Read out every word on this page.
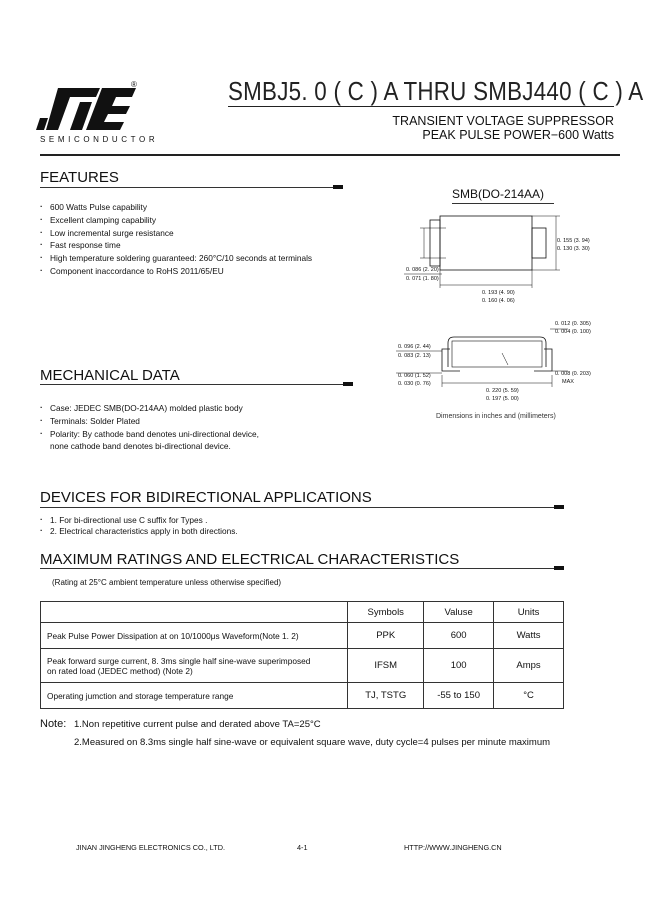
®
SEMICONDUCTOR
SMBJ5. 0 ( C ) A THRU SMBJ440 ( C ) A
TRANSIENT VOLTAGE SUPPRESSOR
PEAK PULSE POWER−600 Watts
FEATURES
· 600 Watts Pulse capability
· Excellent clamping capability
· Low incremental surge resistance
· Fast response time
· High temperature soldering guaranteed: 260°C/10 seconds at terminals
· Component inaccordance to RoHS 2011/65/EU
SMB(DO-214AA)
0. 155 (3. 94)
0. 130 (3. 30)
0. 086 (2. 20)
0. 071 (1. 80)
0. 193 (4. 90)
0. 160 (4. 06)
0. 012 (0. 305)
0. 004 (0. 100)
0. 096 (2. 44)
0. 083 (2. 13)
0. 060 (1. 52)
0. 030 (0. 76)
0. 008 (0. 203)
MAX
0. 220 (5. 59)
0. 197 (5. 00)
Dimensions in inches and (millimeters)
MECHANICAL DATA
· Case: JEDEC SMB(DO-214AA) molded plastic body
· Terminals: Solder Plated
· Polarity: By cathode band denotes uni-directional device,
none cathode band denotes bi-directional device.
DEVICES FOR BIDIRECTIONAL APPLICATIONS
· 1. For bi-directional use C suffix for Types .
· 2. Electrical characteristics apply in both directions.
MAXIMUM RATINGS AND ELECTRICAL CHARACTERISTICS
(Rating at 25°C ambient temperature unless otherwise specified)
	Symbols	Valuse	Units
Peak Pulse Power Dissipation at on 10/1000μs Waveform(Note 1. 2)	PPK	600	Watts

Peak forward surge current, 8. 3ms single half sine-wave superimposed
on rated load (JEDEC method) (Note 2)	IFSM	100	Amps
Operating jumction and storage temperature range	TJ, TSTG	-55 to 150	°C
Note: 1.Non repetitive current pulse and derated above TA=25°C
2.Measured on 8.3ms single half sine-wave or equivalent square wave, duty cycle=4 pulses per minute maximum
JINAN JINGHENG ELECTRONICS CO., LTD.	4-1	HTTP://WWW.JINGHENG.CN
